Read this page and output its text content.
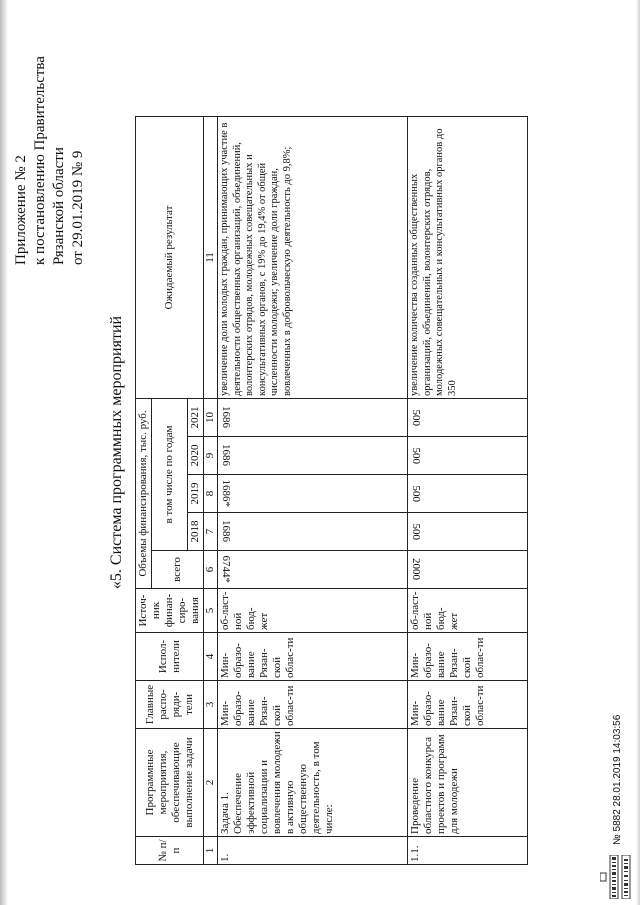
Приложение № 2 к постановлению Правительства Рязанской области от 29.01.2019 № 9
«5. Система программных мероприятий
№ п/п	Программные мероприятия, обеспечивающие выполнение задачи	Главные распо-ряди-тели	Испол-нители	Источ-ник финан-сиро-вания	Объемы финансирования, тыс. руб.					Ожидаемый результат
					всего	в том числе по годам				
						2018	2019	2020	2021	
1	2	3	4	5	6	7	8	9	10	11
1.	Задача 1. Обеспечение эффективной социализации и вовлечения молодежи в активную общественную деятельность, в том числе:	Мин-образо-вание Рязан-ской облас-ти	Мин-образо-вание Рязан-ской облас-ти	об-ласт-ной бюд-жет	6744*	1686	1686*	1686	1686	увеличение доли молодых граждан, принимающих участие в деятельности общественных организаций, объединений, волонтерских отрядов, молодежных совещательных и консультативных органов, с 19% до 19,4% от общей численности молодежи; увеличение доли граждан, вовлеченных в добровольческую деятельность до 9,8%;
1.1.	Проведение областного конкурса проектов и программ для молодежи	Мин-образо-вание Рязан-ской облас-ти	Мин-образо-вание Рязан-ской облас-ти	об-ласт-ной бюд-жет	2000	500	500	500	500	увеличение количества созданных общественных организаций, объединений, волонтерских отрядов, молодежных совещательных и консультативных органов до 350
№ 5882 28.01.2019 14:03:56
